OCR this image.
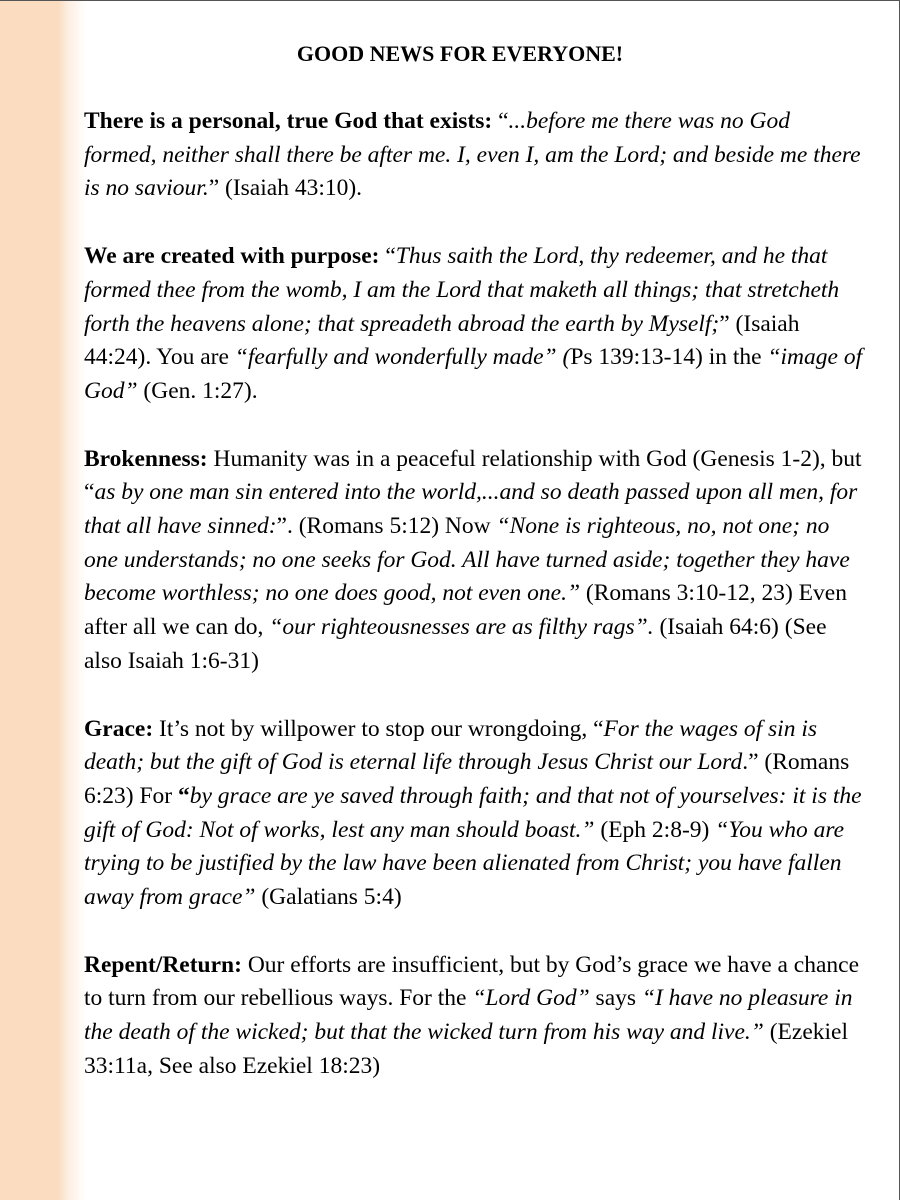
GOOD NEWS FOR EVERYONE!

There is a personal, true God that exists: “...before me there was no God formed, neither shall there be after me. I, even I, am the Lord; and beside me there is no saviour.” (Isaiah 43:10).

We are created with purpose: “Thus saith the Lord, thy redeemer, and he that formed thee from the womb, I am the Lord that maketh all things; that stretcheth forth the heavens alone; that spreadeth abroad the earth by Myself;” (Isaiah 44:24). You are “fearfully and wonderfully made” (Ps 139:13-14) in the “image of God” (Gen. 1:27).

Brokenness: Humanity was in a peaceful relationship with God (Genesis 1-2), but “as by one man sin entered into the world,...and so death passed upon all men, for that all have sinned:”. (Romans 5:12) Now “None is righteous, no, not one; no one understands; no one seeks for God. All have turned aside; together they have become worthless; no one does good, not even one.” (Romans 3:10-12, 23) Even after all we can do, “our righteousnesses are as filthy rags”. (Isaiah 64:6) (See also Isaiah 1:6-31)

Grace: It’s not by willpower to stop our wrongdoing, “For the wages of sin is death; but the gift of God is eternal life through Jesus Christ our Lord.” (Romans 6:23) For “by grace are ye saved through faith; and that not of yourselves: it is the gift of God: Not of works, lest any man should boast.” (Eph 2:8-9) “You who are trying to be justified by the law have been alienated from Christ; you have fallen away from grace” (Galatians 5:4)

Repent/Return: Our efforts are insufficient, but by God’s grace we have a chance to turn from our rebellious ways. For the “Lord God” says “I have no pleasure in the death of the wicked; but that the wicked turn from his way and live.” (Ezekiel 33:11a, See also Ezekiel 18:23)
